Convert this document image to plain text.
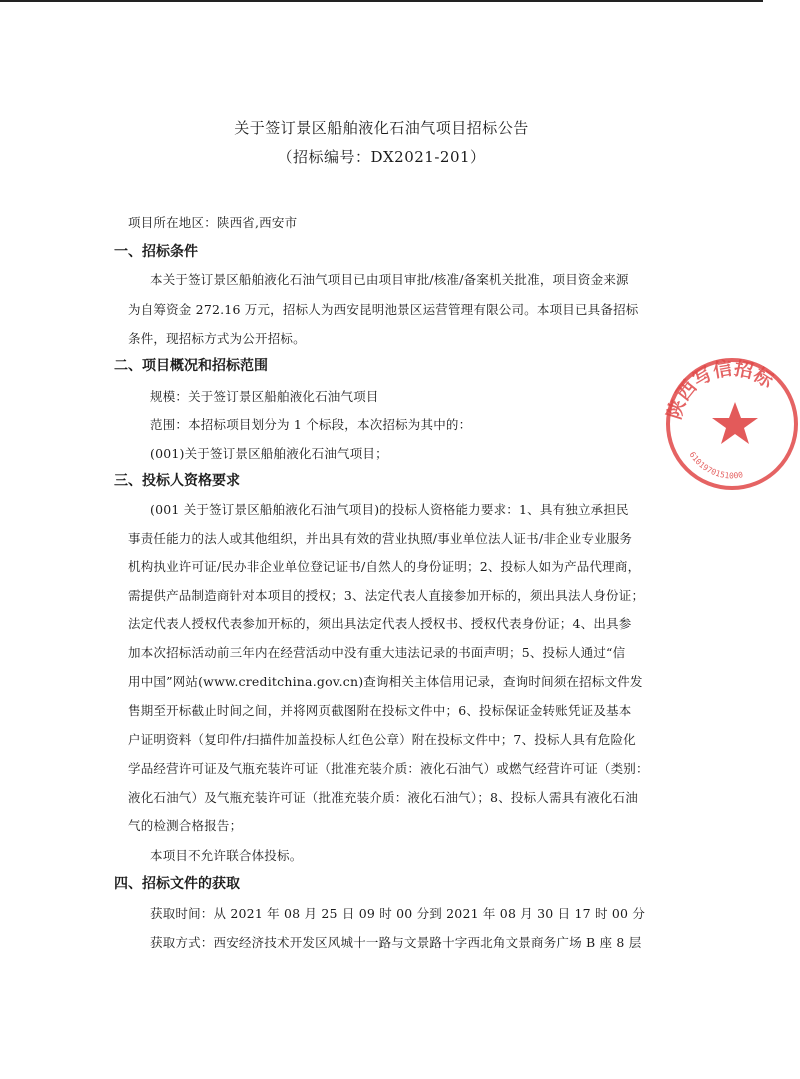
关于签订景区船舶液化石油气项目招标公告
（招标编号：DX2021-201）
项目所在地区：陕西省,西安市
一、招标条件
本关于签订景区船舶液化石油气项目已由项目审批/核准/备案机关批准，项目资金来源
为自筹资金 272.16 万元，招标人为西安昆明池景区运营管理有限公司。本项目已具备招标
条件，现招标方式为公开招标。
二、项目概况和招标范围
规模：关于签订景区船舶液化石油气项目
范围：本招标项目划分为 1 个标段，本次招标为其中的：
(001)关于签订景区船舶液化石油气项目；
三、投标人资格要求
(001 关于签订景区船舶液化石油气项目)的投标人资格能力要求：1、具有独立承担民
事责任能力的法人或其他组织，并出具有效的营业执照/事业单位法人证书/非企业专业服务
机构执业许可证/民办非企业单位登记证书/自然人的身份证明；2、投标人如为产品代理商，
需提供产品制造商针对本项目的授权；3、法定代表人直接参加开标的，须出具法人身份证；
法定代表人授权代表参加开标的，须出具法定代表人授权书、授权代表身份证；4、出具参
加本次招标活动前三年内在经营活动中没有重大违法记录的书面声明；5、投标人通过“信
用中国”网站(www.creditchina.gov.cn)查询相关主体信用记录，查询时间须在招标文件发
售期至开标截止时间之间，并将网页截图附在投标文件中；6、投标保证金转账凭证及基本
户证明资料（复印件/扫描件加盖投标人红色公章）附在投标文件中；7、投标人具有危险化
学品经营许可证及气瓶充装许可证（批准充装介质：液化石油气）或燃气经营许可证（类别：
液化石油气）及气瓶充装许可证（批准充装介质：液化石油气）；8、投标人需具有液化石油
气的检测合格报告；
本项目不允许联合体投标。
四、招标文件的获取
获取时间：从 2021 年 08 月 25 日 09 时 00 分到 2021 年 08 月 30 日 17 时 00 分
获取方式：西安经济技术开发区风城十一路与文景路十字西北角文景商务广场 B 座 8 层
陕西写信招标
6101970151000
